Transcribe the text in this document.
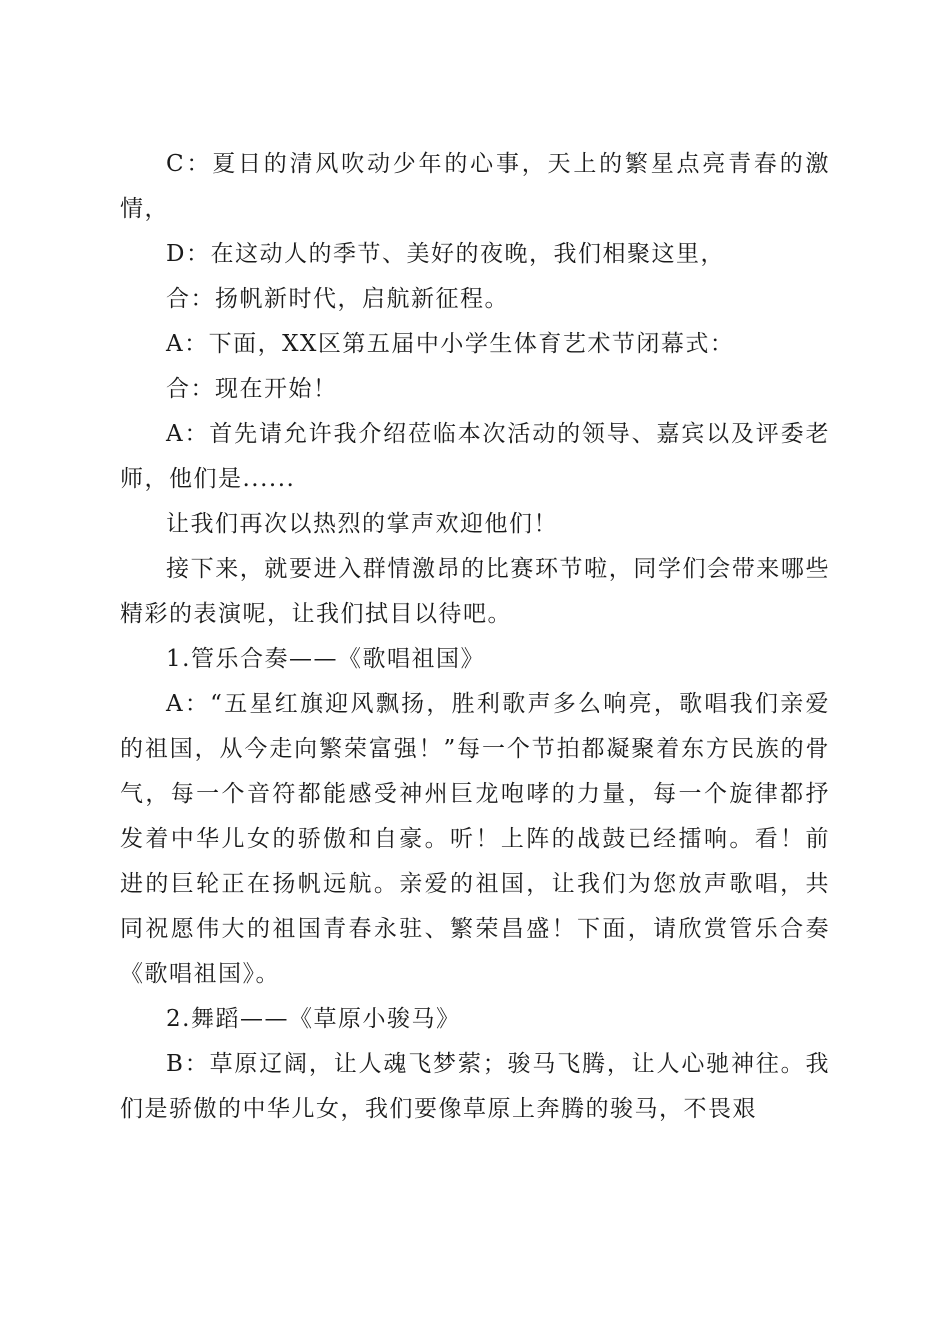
C：夏日的清风吹动少年的心事，天上的繁星点亮青春的激情，

D：在这动人的季节、美好的夜晚，我们相聚这里，

合：扬帆新时代，启航新征程。

A：下面，XX区第五届中小学生体育艺术节闭幕式：

合：现在开始！

A：首先请允许我介绍莅临本次活动的领导、嘉宾以及评委老师，他们是......

让我们再次以热烈的掌声欢迎他们！

接下来，就要进入群情激昂的比赛环节啦，同学们会带来哪些精彩的表演呢，让我们拭目以待吧。

1.管乐合奏——《歌唱祖国》

A：“五星红旗迎风飘扬，胜利歌声多么响亮，歌唱我们亲爱的祖国，从今走向繁荣富强！”每一个节拍都凝聚着东方民族的骨气，每一个音符都能感受神州巨龙咆哮的力量，每一个旋律都抒发着中华儿女的骄傲和自豪。听！上阵的战鼓已经擂响。看！前进的巨轮正在扬帆远航。亲爱的祖国，让我们为您放声歌唱，共同祝愿伟大的祖国青春永驻、繁荣昌盛！下面，请欣赏管乐合奏《歌唱祖国》。

2.舞蹈——《草原小骏马》

B：草原辽阔，让人魂飞梦萦；骏马飞腾，让人心驰神往。我们是骄傲的中华儿女，我们要像草原上奔腾的骏马，不畏艰
